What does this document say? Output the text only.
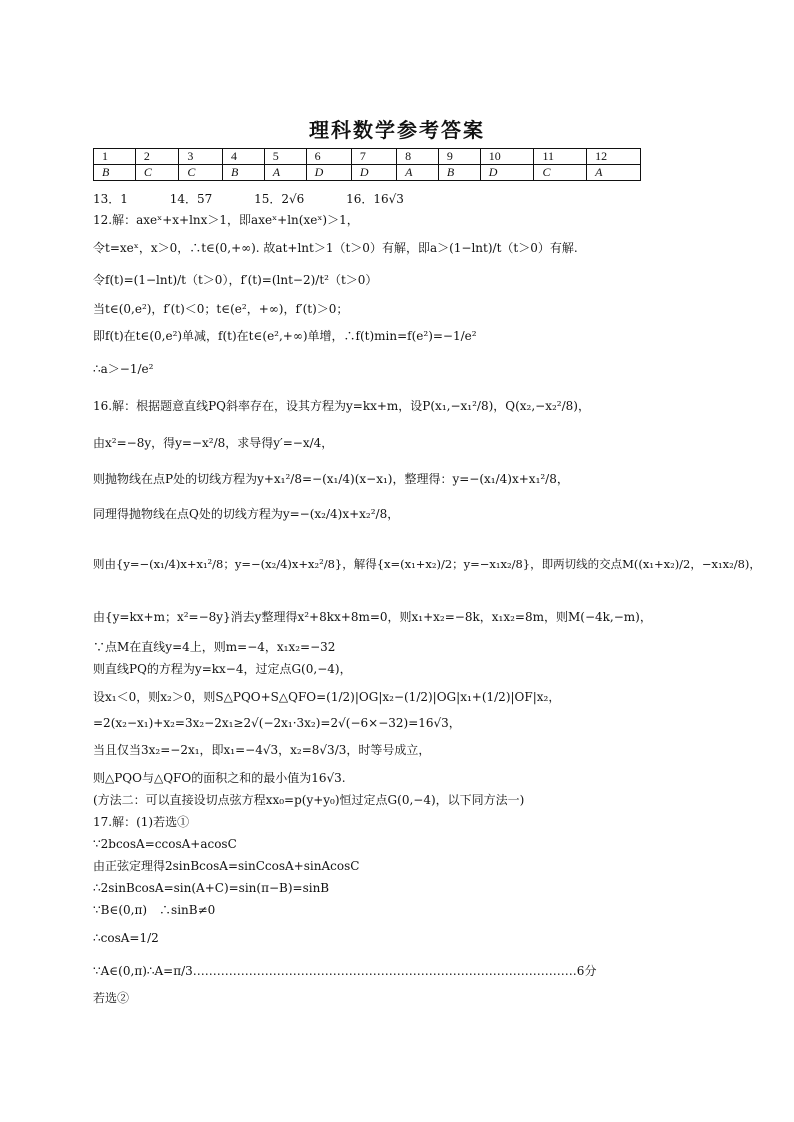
理科数学参考答案
1	2	3	4	5	6	7	8	9	10	11	12
B	C	C	B	A	D	D	A	B	D	C	A
13．1	14．57	15．2√6	16．16√3
12.解：axeˣ+x+lnx＞1，即axeˣ+ln(xeˣ)＞1，
令t=xeˣ，x＞0，∴t∈(0,+∞). 故at+lnt＞1（t＞0）有解，即a＞(1−lnt)/t（t＞0）有解.
令f(t)=(1−lnt)/t（t＞0），f′(t)=(lnt−2)/t²（t＞0）
当t∈(0,e²)，f′(t)＜0；t∈(e²，+∞)，f′(t)＞0；
即f(t)在t∈(0,e²)单减，f(t)在t∈(e²,+∞)单增，∴f(t)min=f(e²)=−1/e²
∴a＞−1/e²
16.解：根据题意直线PQ斜率存在，设其方程为y=kx+m，设P(x₁,−x₁²/8)，Q(x₂,−x₂²/8)，
由x²=−8y，得y=−x²/8，求导得y′=−x/4，
则抛物线在点P处的切线方程为y+x₁²/8=−(x₁/4)(x−x₁)，整理得：y=−(x₁/4)x+x₁²/8，
同理得抛物线在点Q处的切线方程为y=−(x₂/4)x+x₂²/8，
则由{y=−(x₁/4)x+x₁²/8；y=−(x₂/4)x+x₂²/8}，解得{x=(x₁+x₂)/2；y=−x₁x₂/8}，即两切线的交点M((x₁+x₂)/2，−x₁x₂/8)，
由{y=kx+m；x²=−8y}消去y整理得x²+8kx+8m=0，则x₁+x₂=−8k，x₁x₂=8m，则M(−4k,−m)，
∵点M在直线y=4上，则m=−4，x₁x₂=−32
则直线PQ的方程为y=kx−4，过定点G(0,−4)，
设x₁＜0，则x₂＞0，则S△PQO+S△QFO=(1/2)|OG|x₂−(1/2)|OG|x₁+(1/2)|OF|x₂，
=2(x₂−x₁)+x₂=3x₂−2x₁≥2√(−2x₁·3x₂)=2√(−6×−32)=16√3，
当且仅当3x₂=−2x₁，即x₁=−4√3，x₂=8√3/3，时等号成立，
则△PQO与△QFO的面积之和的最小值为16√3.
(方法二：可以直接设切点弦方程xx₀=p(y+y₀)恒过定点G(0,−4)，以下同方法一)
17.解：(1)若选①
∵2bcosA=ccosA+acosC
由正弦定理得2sinBcosA=sinCcosA+sinAcosC
∴2sinBcosA=sin(A+C)=sin(π−B)=sinB
∵B∈(0,π)　∴sinB≠0
∴cosA=1/2
∵A∈(0,π)∴A=π/3……………………………………………………………………………………6分
若选②
